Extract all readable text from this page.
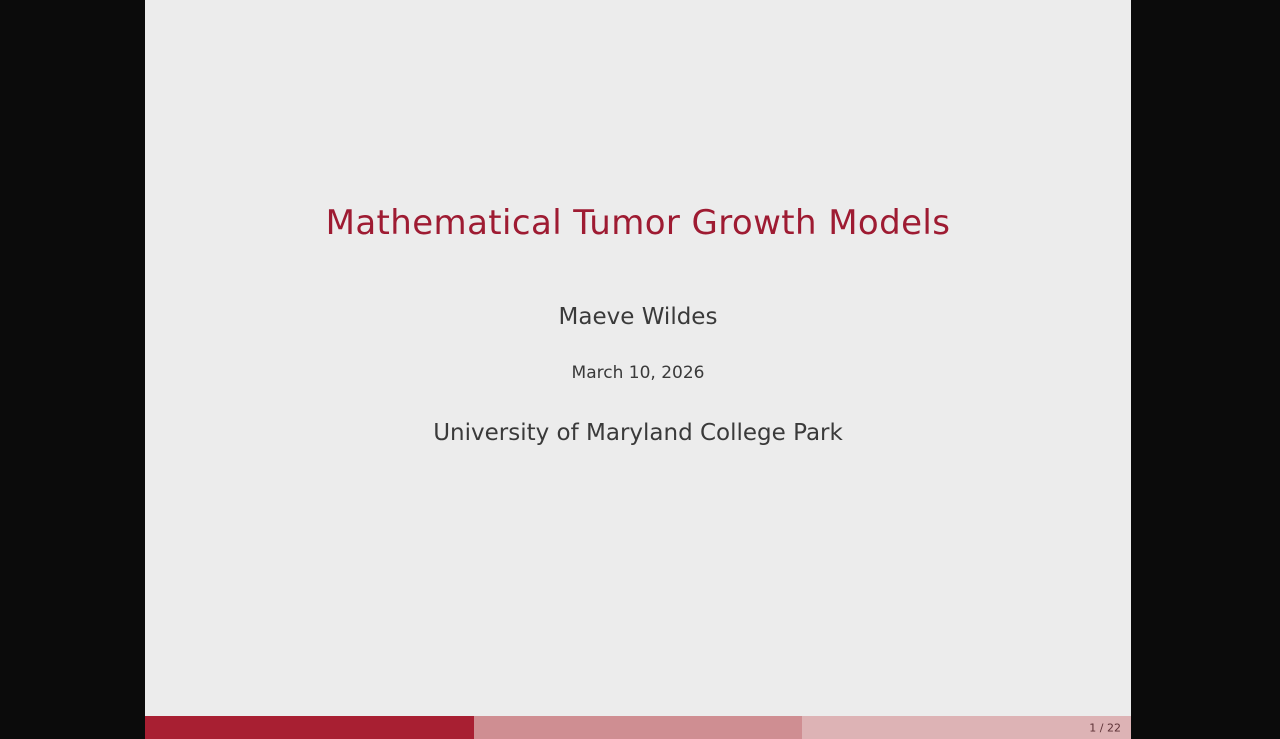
Mathematical Tumor Growth Models
Maeve Wildes
March 10, 2026
University of Maryland College Park
1 / 22
